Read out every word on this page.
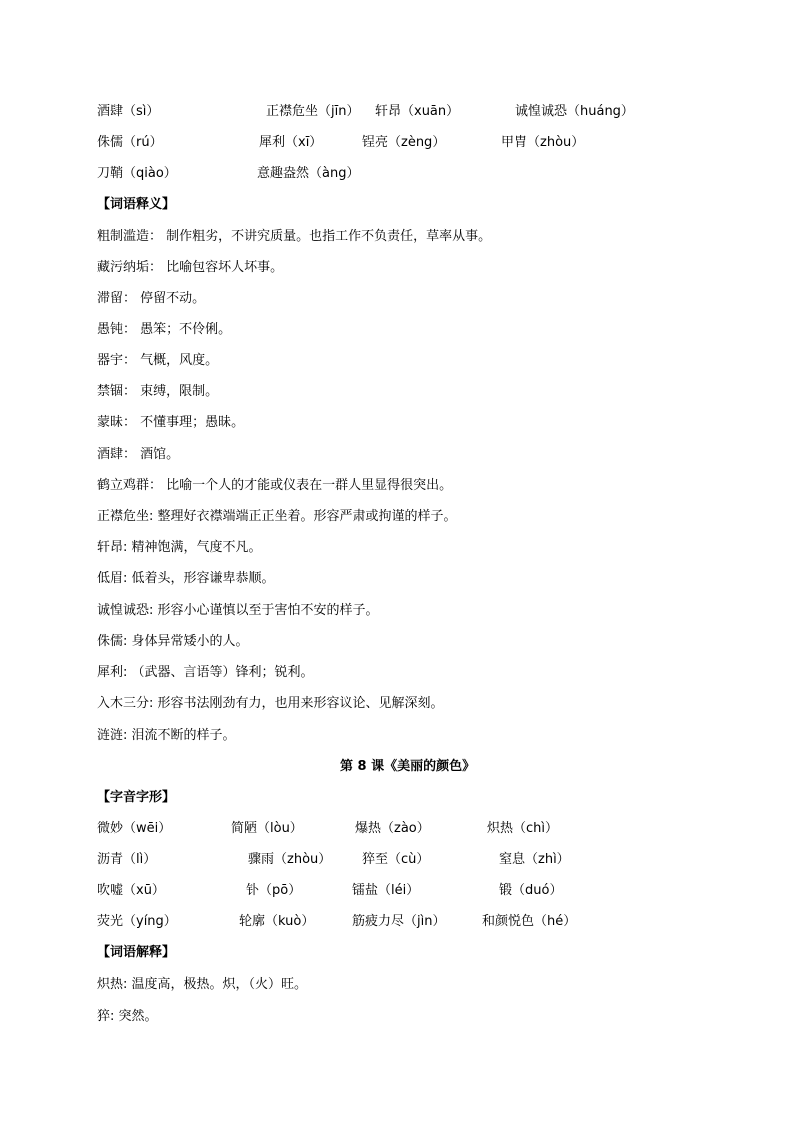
酒肆（sì）	正襟危坐（jīn） 轩昂（xuān）	诚惶诚恐（huáng）
侏儒（rú）	犀利（xī）	锃亮（zèng）	甲胄（zhòu）
刀鞘（qiào）	意趣盎然（àng）
【词语释义】
粗制滥造： 制作粗劣，不讲究质量。也指工作不负责任，草率从事。
藏污纳垢： 比喻包容坏人坏事。
滞留： 停留不动。
愚钝： 愚笨；不伶俐。
器宇： 气概，风度。
禁锢： 束缚，限制。
蒙昧： 不懂事理；愚昧。
酒肆： 酒馆。
鹤立鸡群： 比喻一个人的才能或仪表在一群人里显得很突出。
正襟危坐: 整理好衣襟端端正正坐着。形容严肃或拘谨的样子。
轩昂: 精神饱满，气度不凡。
低眉: 低着头，形容谦卑恭顺。
诚惶诚恐: 形容小心谨慎以至于害怕不安的样子。
侏儒: 身体异常矮小的人。
犀利: （武器、言语等）锋利；锐利。
入木三分: 形容书法刚劲有力，也用来形容议论、见解深刻。
涟涟: 泪流不断的样子。
第 8 课《美丽的颜色》
【字音字形】
微妙（wēi）	简陋（lòu）	爆热（zào）	炽热（chì）
沥青（lì）	骤雨（zhòu） 猝至（cù）	窒息（zhì）
吹嘘（xū）	钋（pō）	镭盐（léi）	锻（duó）
荧光（yíng）	轮廓（kuò）	筋疲力尽（jìn）	和颜悦色（hé）
【词语解释】
炽热: 温度高，极热。炽，（火）旺。
猝: 突然。
